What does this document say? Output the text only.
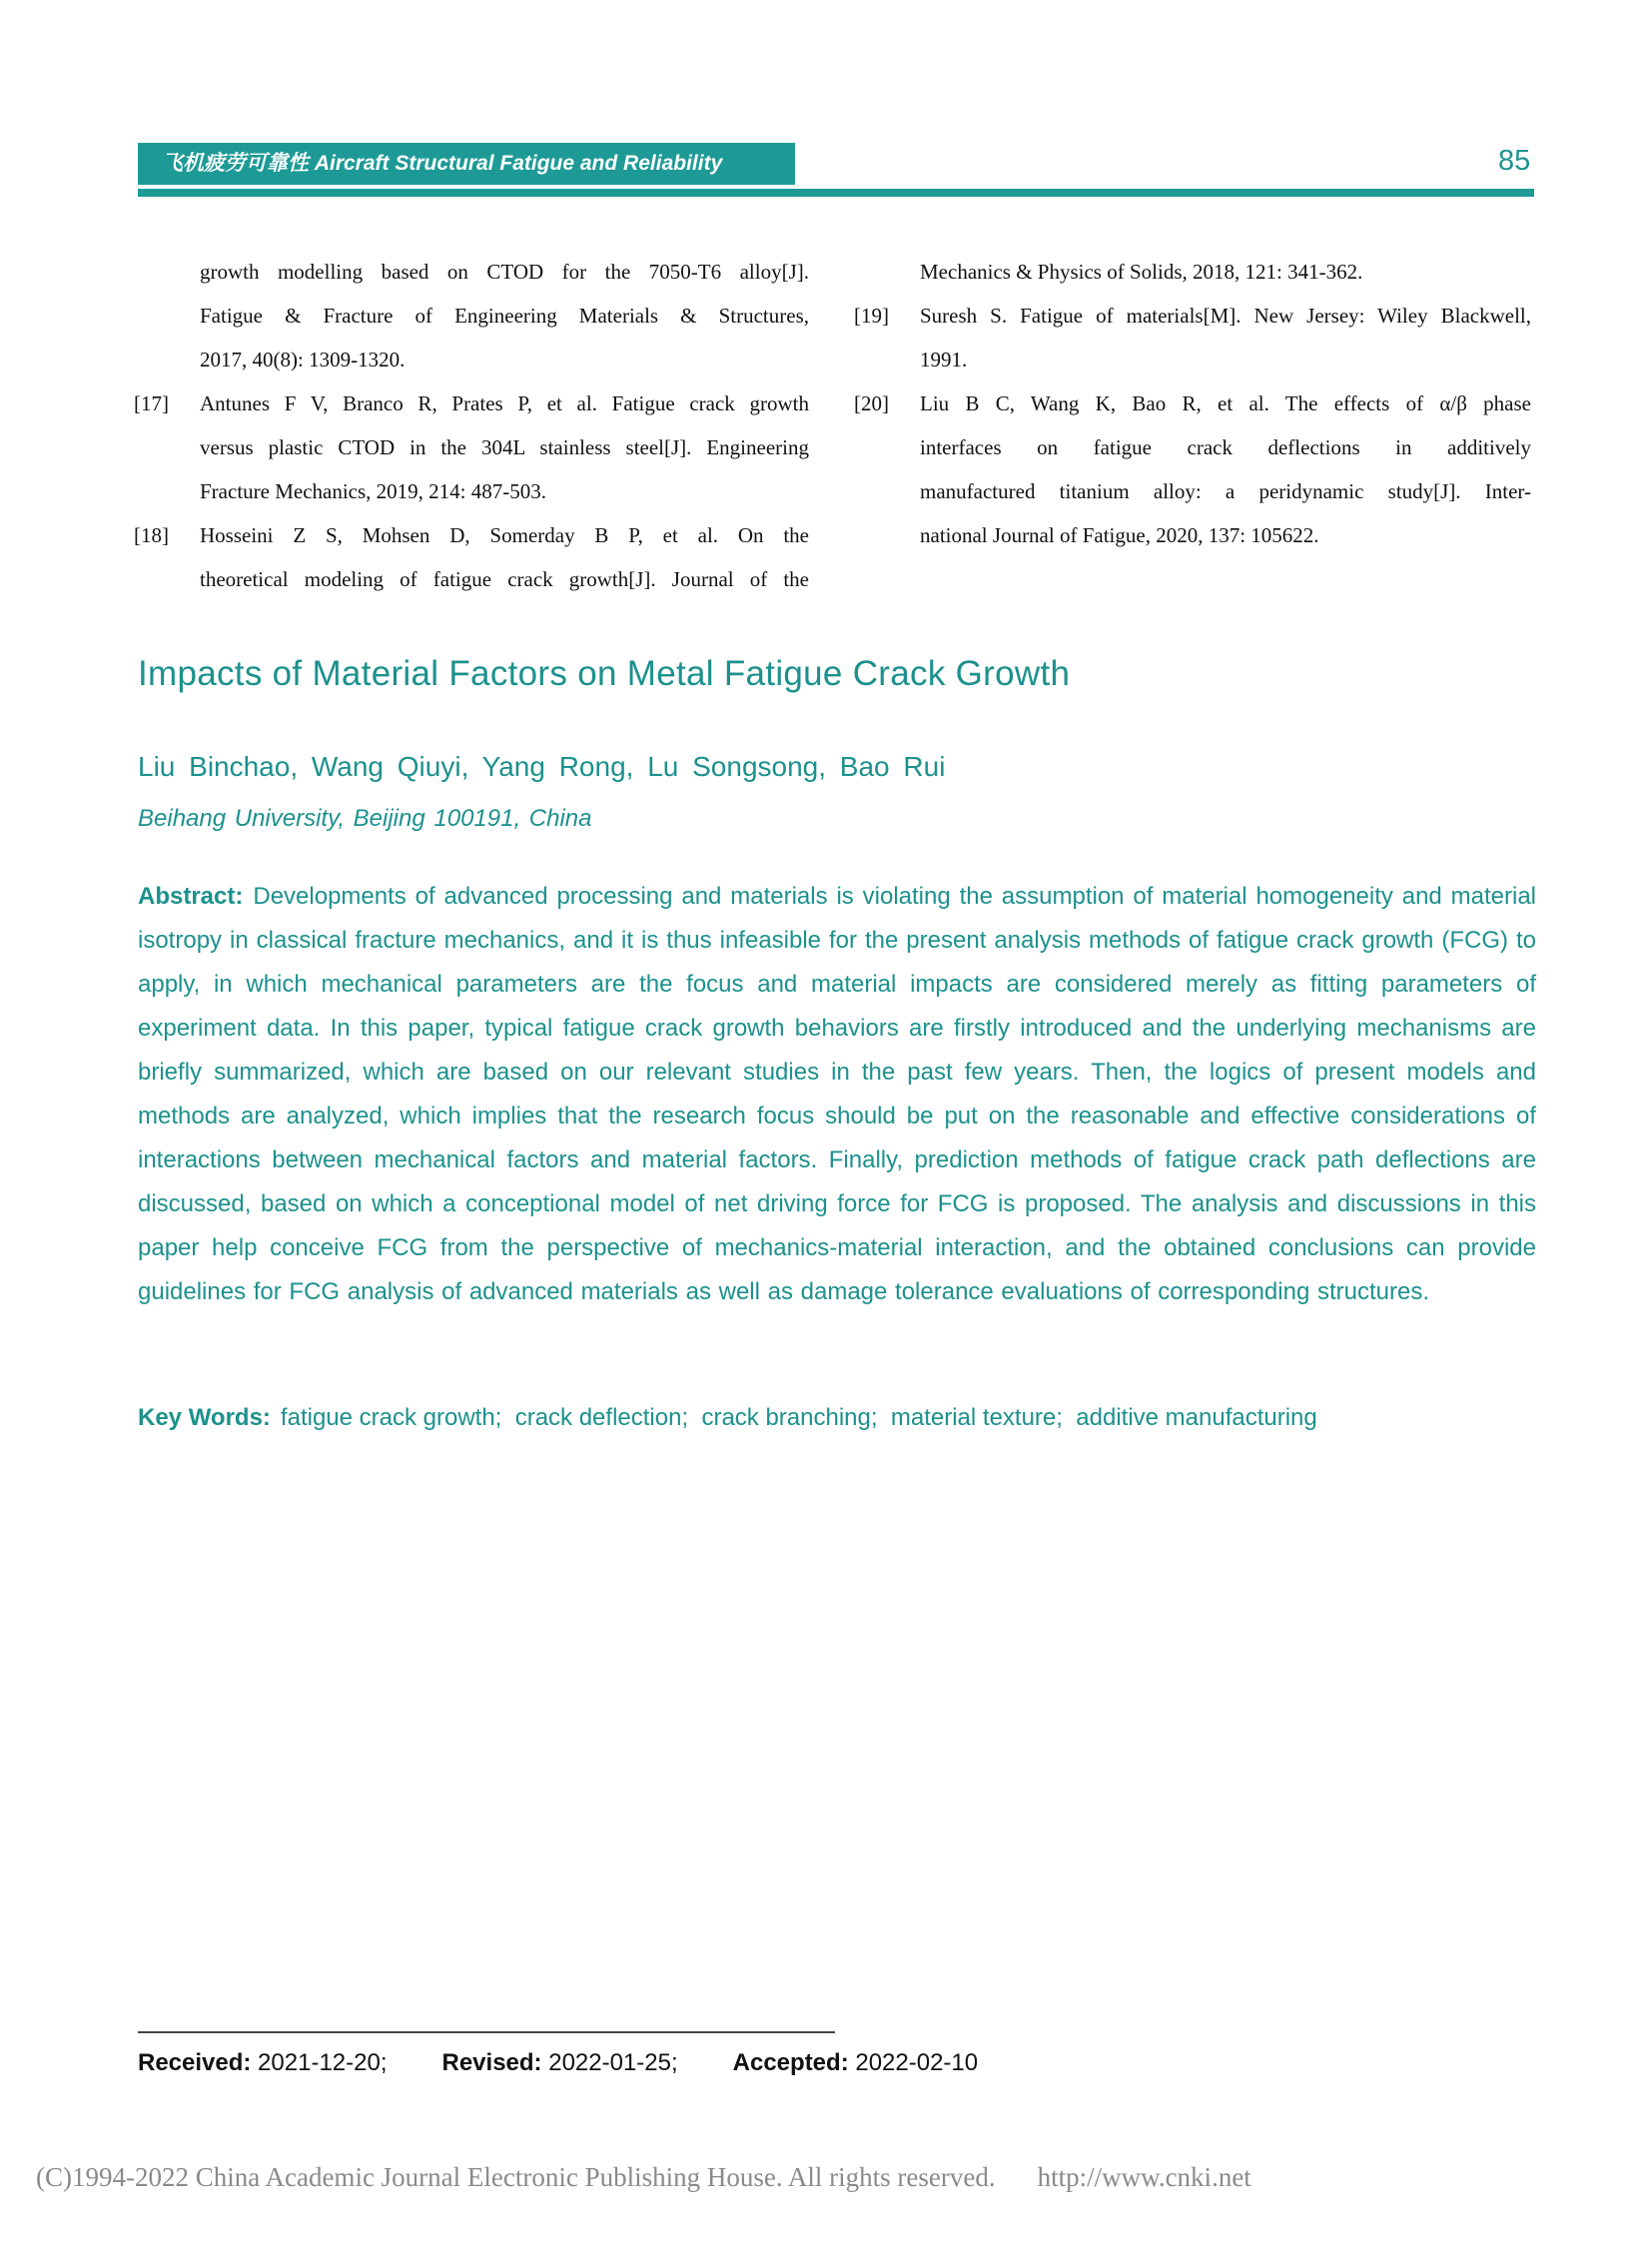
飞机疲劳可靠性 Aircraft Structural Fatigue and Reliability	85
growth modelling based on CTOD for the 7050-T6 alloy[J].
Fatigue & Fracture of Engineering Materials & Structures,
2017, 40(8): 1309-1320.
[17]	Antunes F V, Branco R, Prates P, et al. Fatigue crack growth
versus plastic CTOD in the 304L stainless steel[J]. Engineering
Fracture Mechanics, 2019, 214: 487-503.
[18]	Hosseini Z S, Mohsen D, Somerday B P, et al. On the
theoretical modeling of fatigue crack growth[J]. Journal of the
Mechanics & Physics of Solids, 2018, 121: 341-362.
[19]	Suresh S. Fatigue of materials[M]. New Jersey: Wiley Blackwell,
1991.
[20]	Liu B C, Wang K, Bao R, et al. The effects of α/β phase
interfaces on fatigue crack deflections in additively
manufactured titanium alloy: a peridynamic study[J]. Inter-
national Journal of Fatigue, 2020, 137: 105622.
Impacts of Material Factors on Metal Fatigue Crack Growth
Liu Binchao, Wang Qiuyi, Yang Rong, Lu Songsong, Bao Rui
Beihang University, Beijing 100191, China

Abstract: Developments of advanced processing and materials is violating the assumption of material homogeneity and material isotropy in classical fracture mechanics, and it is thus infeasible for the present analysis methods of fatigue crack growth (FCG) to apply, in which mechanical parameters are the focus and material impacts are considered merely as fitting parameters of experiment data. In this paper, typical fatigue crack growth behaviors are firstly introduced and the underlying mechanisms are briefly summarized, which are based on our relevant studies in the past few years. Then, the logics of present models and methods are analyzed, which implies that the research focus should be put on the reasonable and effective considerations of interactions between mechanical factors and material factors. Finally, prediction methods of fatigue crack path deflections are discussed, based on which a conceptional model of net driving force for FCG is proposed. The analysis and discussions in this paper help conceive FCG from the perspective of mechanics-material interaction, and the obtained conclusions can provide guidelines for FCG analysis of advanced materials as well as damage tolerance evaluations of corresponding structures.

Key Words: fatigue crack growth;  crack deflection;  crack branching;  material texture;  additive manufacturing

Received: 2021-12-20; Revised: 2022-01-25; Accepted: 2022-02-10
(C)1994-2022 China Academic Journal Electronic Publishing House. All rights reserved. http://www.cnki.net
